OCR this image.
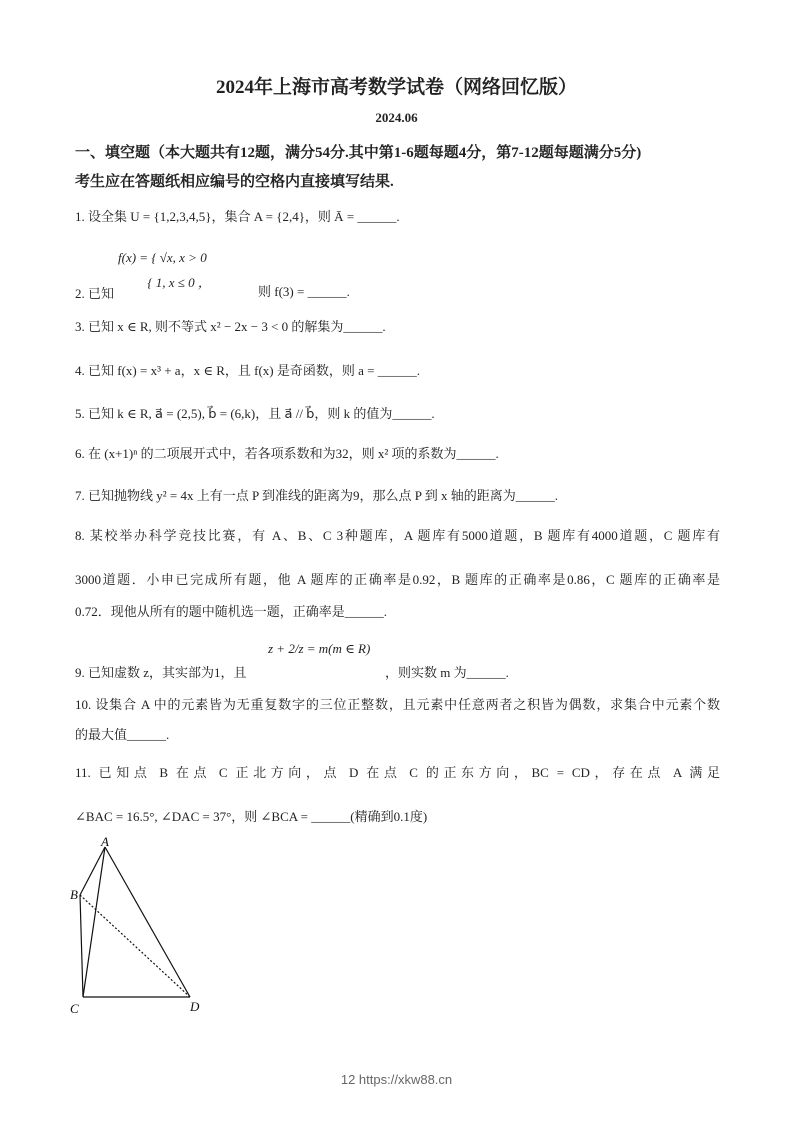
2024年上海市高考数学试卷（网络回忆版）
2024.06
一、填空题（本大题共有12题，满分54分.其中第1-6题每题4分，第7-12题每题满分5分)
考生应在答题纸相应编号的空格内直接填写结果.
1. 设全集 U = {1,2,3,4,5}，集合 A = {2,4}，则 Ā = ______.
f(x) = { √x, x > 0
{ 1, x ≤ 0 ，
2. 已知	则 f(3) = ______.
3. 已知 x ∈ R, 则不等式 x² − 2x − 3 < 0 的解集为______.
4. 已知 f(x) = x³ + a，x ∈ R，且 f(x) 是奇函数，则 a = ______.
5. 已知 k ∈ R, a⃗ = (2,5), b⃗ = (6,k)，且 a⃗ // b⃗，则 k 的值为______.
6. 在 (x+1)ⁿ 的二项展开式中，若各项系数和为32，则 x² 项的系数为______.
7. 已知抛物线 y² = 4x 上有一点 P 到准线的距离为9，那么点 P 到 x 轴的距离为______.
8. 某校举办科学竞技比赛，有 A、B、C 3种题库，A 题库有5000道题，B 题库有4000道题，C 题库有
3000道题．小申已完成所有题，他 A 题库的正确率是0.92，B 题库的正确率是0.86，C 题库的正确率是
0.72．现他从所有的题中随机选一题，正确率是______.
z + 2/z = m(m ∈ R)
9. 已知虚数 z，其实部为1，且	，则实数 m 为______.
10. 设集合 A 中的元素皆为无重复数字的三位正整数，且元素中任意两者之积皆为偶数，求集合中元素个数
的最大值______.
11. 已知点 B 在点 C 正北方向，点 D 在点 C 的正东方向，BC = CD，存在点 A 满足
∠BAC = 16.5°, ∠DAC = 37°，则 ∠BCA = ______(精确到0.1度)
A
B
C	D
12 https://xkw88.cn
